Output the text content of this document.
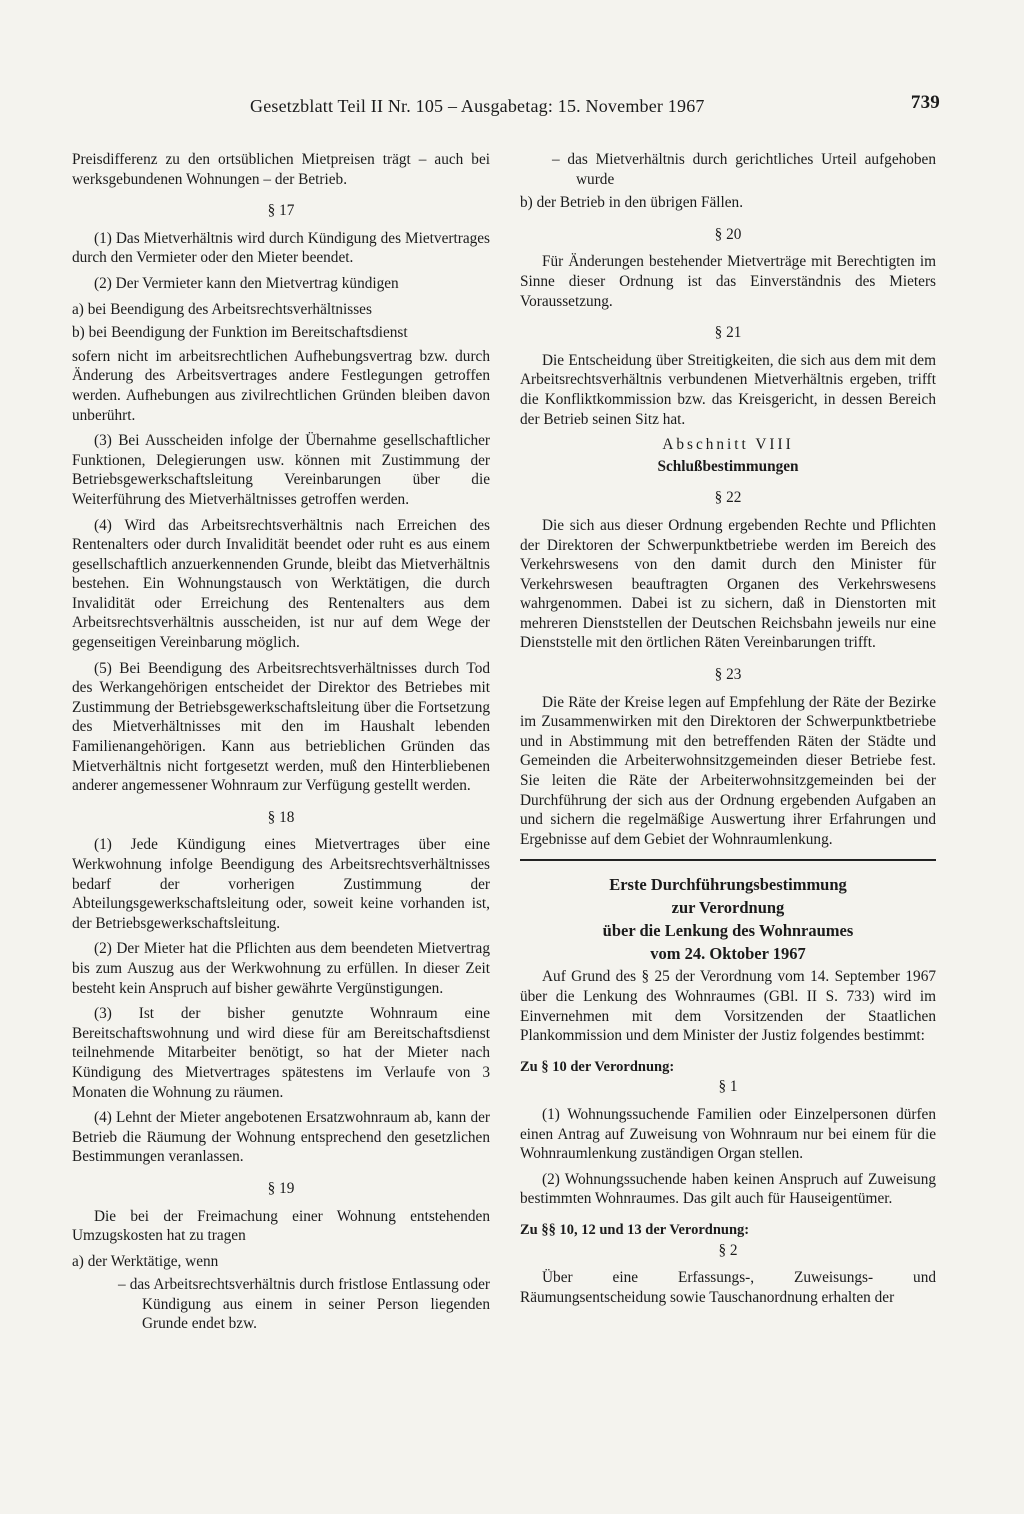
Gesetzblatt Teil II Nr. 105 – Ausgabetag: 15. November 1967	739

Preisdifferenz zu den ortsüblichen Mietpreisen trägt – auch bei werksgebundenen Wohnungen – der Betrieb.

§ 17

(1) Das Mietverhältnis wird durch Kündigung des Mietvertrages durch den Vermieter oder den Mieter beendet.

(2) Der Vermieter kann den Mietvertrag kündigen

a) bei Beendigung des Arbeitsrechtsverhältnisses

b) bei Beendigung der Funktion im Bereitschaftsdienst

sofern nicht im arbeitsrechtlichen Aufhebungsvertrag bzw. durch Änderung des Arbeitsvertrages andere Festlegungen getroffen werden. Aufhebungen aus zivilrechtlichen Gründen bleiben davon unberührt.

(3) Bei Ausscheiden infolge der Übernahme gesellschaftlicher Funktionen, Delegierungen usw. können mit Zustimmung der Betriebsgewerkschaftsleitung Vereinbarungen über die Weiterführung des Mietverhältnisses getroffen werden.

(4) Wird das Arbeitsrechtsverhältnis nach Erreichen des Rentenalters oder durch Invalidität beendet oder ruht es aus einem gesellschaftlich anzuerkennenden Grunde, bleibt das Mietverhältnis bestehen. Ein Wohnungstausch von Werktätigen, die durch Invalidität oder Erreichung des Rentenalters aus dem Arbeitsrechtsverhältnis ausscheiden, ist nur auf dem Wege der gegenseitigen Vereinbarung möglich.

(5) Bei Beendigung des Arbeitsrechtsverhältnisses durch Tod des Werkangehörigen entscheidet der Direktor des Betriebes mit Zustimmung der Betriebsgewerkschaftsleitung über die Fortsetzung des Mietverhältnisses mit den im Haushalt lebenden Familienangehörigen. Kann aus betrieblichen Gründen das Mietverhältnis nicht fortgesetzt werden, muß den Hinterbliebenen anderer angemessener Wohnraum zur Verfügung gestellt werden.

§ 18

(1) Jede Kündigung eines Mietvertrages über eine Werkwohnung infolge Beendigung des Arbeitsrechtsverhältnisses bedarf der vorherigen Zustimmung der Abteilungsgewerkschaftsleitung oder, soweit keine vorhanden ist, der Betriebsgewerkschaftsleitung.

(2) Der Mieter hat die Pflichten aus dem beendeten Mietvertrag bis zum Auszug aus der Werkwohnung zu erfüllen. In dieser Zeit besteht kein Anspruch auf bisher gewährte Vergünstigungen.

(3) Ist der bisher genutzte Wohnraum eine Bereitschaftswohnung und wird diese für am Bereitschaftsdienst teilnehmende Mitarbeiter benötigt, so hat der Mieter nach Kündigung des Mietvertrages spätestens im Verlaufe von 3 Monaten die Wohnung zu räumen.

(4) Lehnt der Mieter angebotenen Ersatzwohnraum ab, kann der Betrieb die Räumung der Wohnung entsprechend den gesetzlichen Bestimmungen veranlassen.

§ 19

Die bei der Freimachung einer Wohnung entstehenden Umzugskosten hat zu tragen

a) der Werktätige, wenn

– das Arbeitsrechtsverhältnis durch fristlose Entlassung oder Kündigung aus einem in seiner Person liegenden Grunde endet bzw.

– das Mietverhältnis durch gerichtliches Urteil aufgehoben wurde

b) der Betrieb in den übrigen Fällen.

§ 20

Für Änderungen bestehender Mietverträge mit Berechtigten im Sinne dieser Ordnung ist das Einverständnis des Mieters Voraussetzung.

§ 21

Die Entscheidung über Streitigkeiten, die sich aus dem mit dem Arbeitsrechtsverhältnis verbundenen Mietverhältnis ergeben, trifft die Konfliktkommission bzw. das Kreisgericht, in dessen Bereich der Betrieb seinen Sitz hat.

Abschnitt VIII
Schlußbestimmungen
§ 22

Die sich aus dieser Ordnung ergebenden Rechte und Pflichten der Direktoren der Schwerpunktbetriebe werden im Bereich des Verkehrswesens von den damit durch den Minister für Verkehrswesen beauftragten Organen des Verkehrswesens wahrgenommen. Dabei ist zu sichern, daß in Dienstorten mit mehreren Dienststellen der Deutschen Reichsbahn jeweils nur eine Dienststelle mit den örtlichen Räten Vereinbarungen trifft.

§ 23

Die Räte der Kreise legen auf Empfehlung der Räte der Bezirke im Zusammenwirken mit den Direktoren der Schwerpunktbetriebe und in Abstimmung mit den betreffenden Räten der Städte und Gemeinden die Arbeiterwohnsitzgemeinden dieser Betriebe fest. Sie leiten die Räte der Arbeiterwohnsitzgemeinden bei der Durchführung der sich aus der Ordnung ergebenden Aufgaben an und sichern die regelmäßige Auswertung ihrer Erfahrungen und Ergebnisse auf dem Gebiet der Wohnraumlenkung.

Erste Durchführungsbestimmung
zur Verordnung
über die Lenkung des Wohnraumes
vom 24. Oktober 1967

Auf Grund des § 25 der Verordnung vom 14. September 1967 über die Lenkung des Wohnraumes (GBl. II S. 733) wird im Einvernehmen mit dem Vorsitzenden der Staatlichen Plankommission und dem Minister der Justiz folgendes bestimmt:

Zu § 10 der Verordnung:
§ 1

(1) Wohnungssuchende Familien oder Einzelpersonen dürfen einen Antrag auf Zuweisung von Wohnraum nur bei einem für die Wohnraumlenkung zuständigen Organ stellen.

(2) Wohnungssuchende haben keinen Anspruch auf Zuweisung bestimmten Wohnraumes. Das gilt auch für Hauseigentümer.

Zu §§ 10, 12 und 13 der Verordnung:
§ 2

Über eine Erfassungs-, Zuweisungs- und Räumungsentscheidung sowie Tauschanordnung erhalten der
